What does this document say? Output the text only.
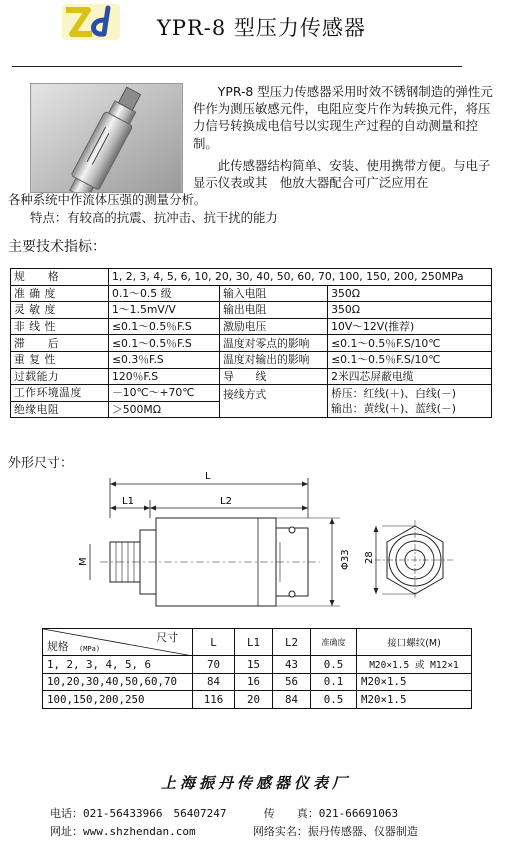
ZD	YPR-8 型压力传感器

YPR-8 型压力传感器采用时效不锈钢制造的弹性元件作为测压敏感元件，电阻应变片作为转换元件，将压力信号转换成电信号以实现生产过程的自动测量和控制。

此传感器结构简单、安装、使用携带方便。与电子显示仪表或其　他放大器配合可广泛应用在

各种系统中作流体压强的测量分析。

特点：有较高的抗震、抗冲击、抗干扰的能力

主要技术指标：
规　　格	1, 2, 3, 4, 5, 6, 10, 20, 30, 40, 50, 60, 70, 100, 150, 200, 250MPa		
准 确 度	0.1～0.5 级	输入电阻	350Ω
灵 敏 度	1～1.5mV/V	输出电阻	350Ω
非 线 性	≤0.1～0.5％F.S	激励电压	10V～12V(推荐)
滞　　后	≤0.1～0.5％F.S	温度对零点的影响	≤0.1～0.5％F.S/10℃
重 复 性	≤0.3％F.S	温度对输出的影响	≤0.1～0.5％F.S/10℃
过载能力	120％F.S	导　　线	2米四芯屏蔽电缆
工作环境温度	－10℃～+70℃	接线方式	桥压：红线(＋)、白线(－)
输出：黄线(＋)、蓝线(－)

绝缘电阻	＞500MΩ		
外形尺寸：
L
L1	L2
M	Φ33 28
尺寸
规格 (MPa)	L	L1	L2	准确度	接口螺纹(M)
1, 2, 3, 4, 5, 6	70	15	43	0.5	M20×1.5 或 M12×1
10,20,30,40,50,60,70	84	16	56	0.1	M20×1.5
100,150,200,250	116	20	84	0.5	M20×1.5
上海振丹传感器仪表厂
电话：021-56433966　56407247	传　　真：021-66691063
网址：www.shzhendan.com	网络实名：振丹传感器、仪器制造
